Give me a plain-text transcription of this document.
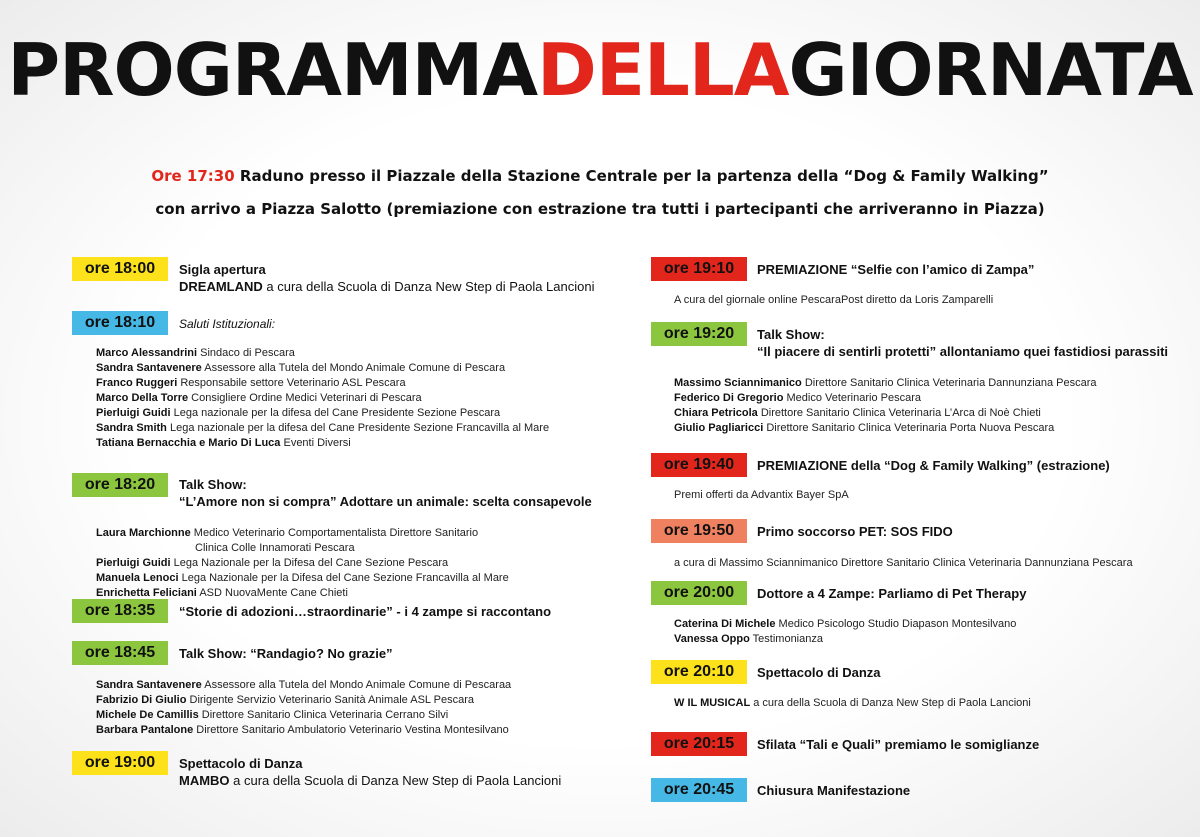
PROGRAMMADELLAGIORNATA
Ore 17:30 Raduno presso il Piazzale della Stazione Centrale per la partenza della “Dog & Family Walking”
con arrivo a Piazza Salotto (premiazione con estrazione tra tutti i partecipanti che arriveranno in Piazza)
ore 18:00	Sigla apertura
DREAMLAND a cura della Scuola di Danza New Step di Paola Lancioni
ore 18:10	Saluti Istituzionali:
Marco Alessandrini Sindaco di Pescara
Sandra Santavenere Assessore alla Tutela del Mondo Animale Comune di Pescara
Franco Ruggeri Responsabile settore Veterinario ASL Pescara
Marco Della Torre Consigliere Ordine Medici Veterinari di Pescara
Pierluigi Guidi Lega nazionale per la difesa del Cane Presidente Sezione Pescara
Sandra Smith Lega nazionale per la difesa del Cane Presidente Sezione Francavilla al Mare
Tatiana Bernacchia e Mario Di Luca Eventi Diversi
ore 18:20	Talk Show:
“L’Amore non si compra” Adottare un animale: scelta consapevole
Laura Marchionne Medico Veterinario Comportamentalista Direttore Sanitario
Clinica Colle Innamorati Pescara
Pierluigi Guidi Lega Nazionale per la Difesa del Cane Sezione Pescara
Manuela Lenoci Lega Nazionale per la Difesa del Cane Sezione Francavilla al Mare
Enrichetta Feliciani ASD NuovaMente Cane Chieti
ore 18:35	“Storie di adozioni…straordinarie” - i 4 zampe si raccontano
ore 18:45	Talk Show: “Randagio? No grazie”
Sandra Santavenere Assessore alla Tutela del Mondo Animale Comune di Pescaraa
Fabrizio Di Giulio Dirigente Servizio Veterinario Sanità Animale ASL Pescara
Michele De Camillis Direttore Sanitario Clinica Veterinaria Cerrano Silvi
Barbara Pantalone Direttore Sanitario Ambulatorio Veterinario Vestina Montesilvano
ore 19:00	Spettacolo di Danza
MAMBO a cura della Scuola di Danza New Step di Paola Lancioni
ore 19:10	PREMIAZIONE “Selfie con l’amico di Zampa”
A cura del giornale online PescaraPost diretto da Loris Zamparelli
ore 19:20	Talk Show:
“Il piacere di sentirli protetti” allontaniamo quei fastidiosi parassiti
Massimo Sciannimanico Direttore Sanitario Clinica Veterinaria Dannunziana Pescara
Federico Di Gregorio Medico Veterinario Pescara
Chiara Petricola Direttore Sanitario Clinica Veterinaria L’Arca di Noè Chieti
Giulio Pagliaricci Direttore Sanitario Clinica Veterinaria Porta Nuova Pescara
ore 19:40	PREMIAZIONE della “Dog & Family Walking” (estrazione)
Premi offerti da Advantix Bayer SpA
ore 19:50	Primo soccorso PET: SOS FIDO
a cura di Massimo Sciannimanico Direttore Sanitario Clinica Veterinaria Dannunziana Pescara
ore 20:00	Dottore a 4 Zampe: Parliamo di Pet Therapy
Caterina Di Michele Medico Psicologo Studio Diapason Montesilvano
Vanessa Oppo Testimonianza
ore 20:10	Spettacolo di Danza
W IL MUSICAL a cura della Scuola di Danza New Step di Paola Lancioni
ore 20:15	Sfilata “Tali e Quali” premiamo le somiglianze
ore 20:45	Chiusura Manifestazione
